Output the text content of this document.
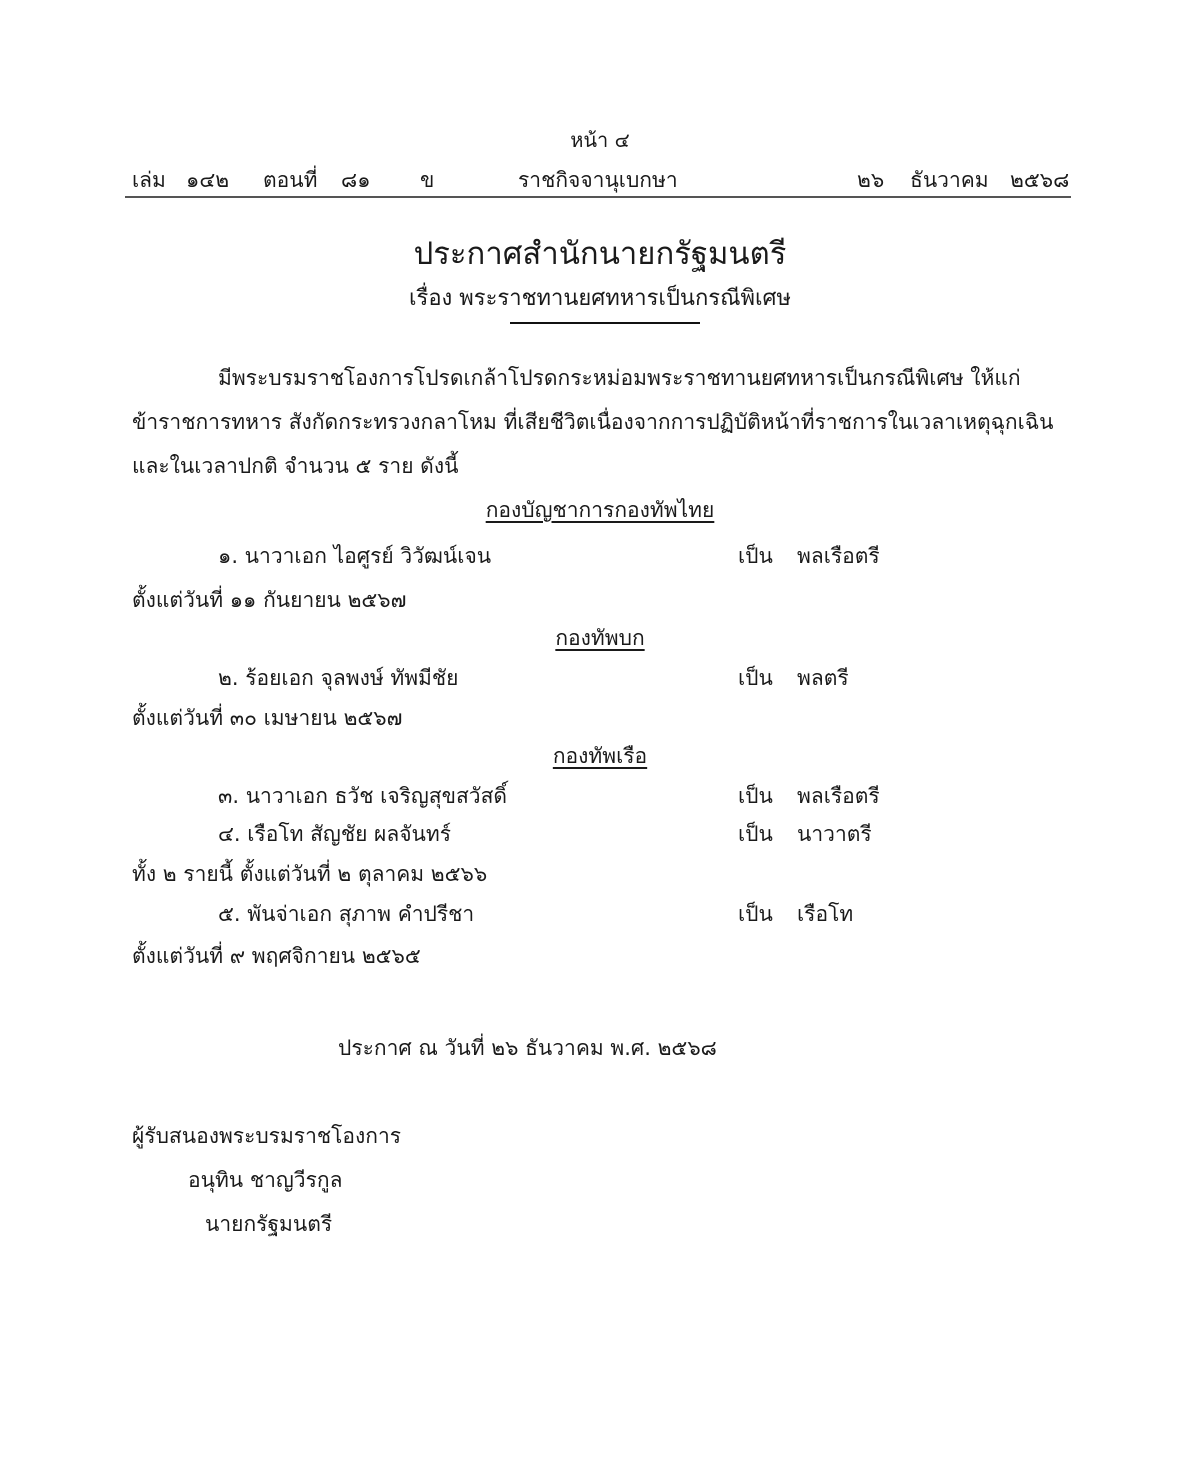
หน้า ๔
เล่ม ๑๔๒ ตอนที่ ๘๑ ข	ราชกิจจานุเบกษา	๒๖ ธันวาคม ๒๕๖๘
ประกาศสำนักนายกรัฐมนตรี
เรื่อง พระราชทานยศทหารเป็นกรณีพิเศษ
มีพระบรมราชโองการโปรดเกล้าโปรดกระหม่อมพระราชทานยศทหารเป็นกรณีพิเศษ ให้แก่
ข้าราชการทหาร สังกัดกระทรวงกลาโหม ที่เสียชีวิตเนื่องจากการปฏิบัติหน้าที่ราชการในเวลาเหตุฉุกเฉิน
และในเวลาปกติ จำนวน ๕ ราย ดังนี้
กองบัญชาการกองทัพไทย
๑. นาวาเอก ไอศูรย์ วิวัฒน์เจน	เป็น พลเรือตรี
ตั้งแต่วันที่ ๑๑ กันยายน ๒๕๖๗
กองทัพบก
๒. ร้อยเอก จุลพงษ์ ทัพมีชัย	เป็น พลตรี
ตั้งแต่วันที่ ๓๐ เมษายน ๒๕๖๗
กองทัพเรือ
๓. นาวาเอก ธวัช เจริญสุขสวัสดิ์	เป็น พลเรือตรี
๔. เรือโท สัญชัย ผลจันทร์	เป็น นาวาตรี
ทั้ง ๒ รายนี้ ตั้งแต่วันที่ ๒ ตุลาคม ๒๕๖๖
๕. พันจ่าเอก สุภาพ คำปรีชา	เป็น เรือโท
ตั้งแต่วันที่ ๙ พฤศจิกายน ๒๕๖๕
ประกาศ ณ วันที่ ๒๖ ธันวาคม พ.ศ. ๒๕๖๘
ผู้รับสนองพระบรมราชโองการ
อนุทิน ชาญวีรกูล
นายกรัฐมนตรี
